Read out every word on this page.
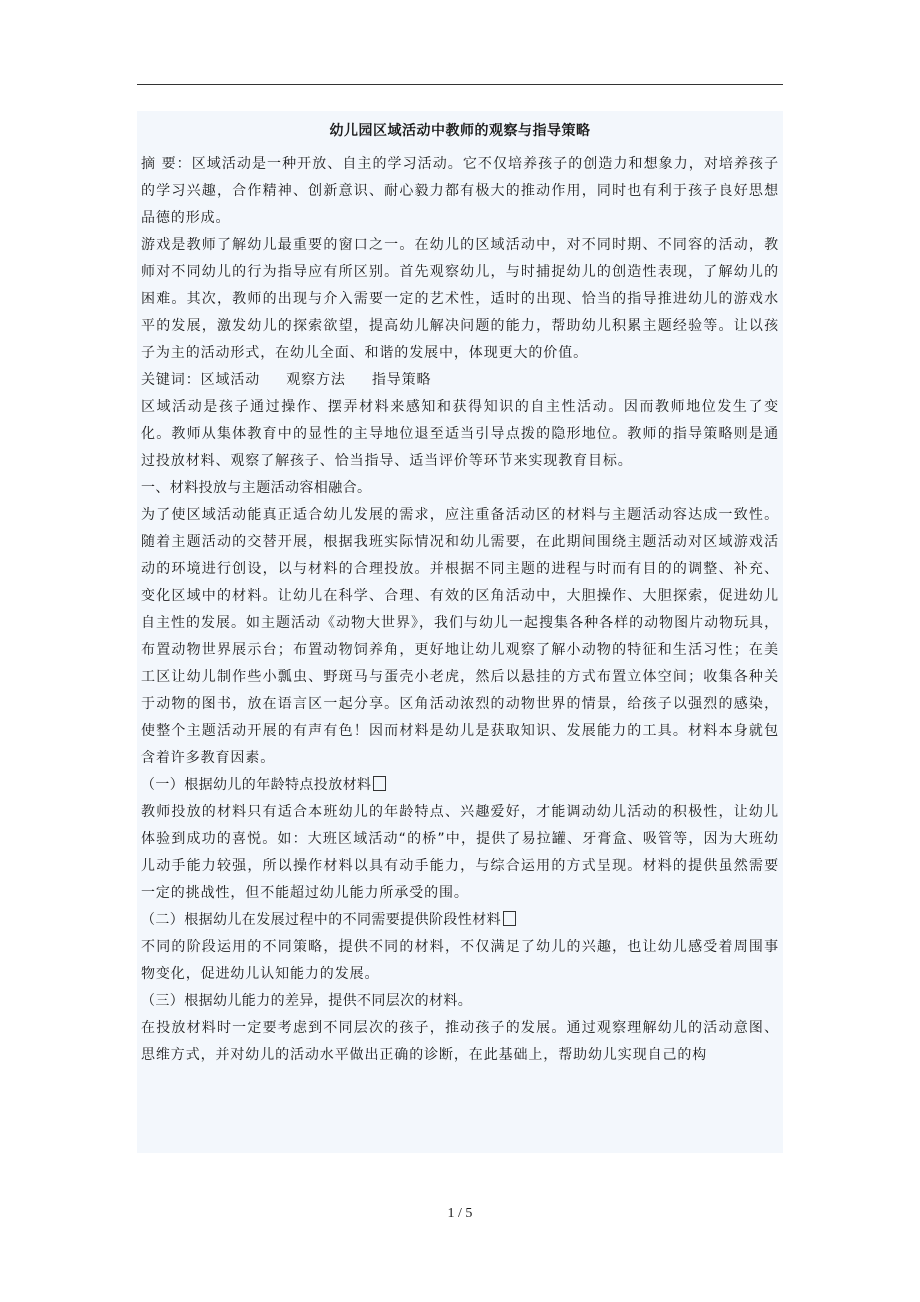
幼儿园区域活动中教师的观察与指导策略

摘 要：区域活动是一种开放、自主的学习活动。它不仅培养孩子的创造力和想象力，对培养孩子的学习兴趣，合作精神、创新意识、耐心毅力都有极大的推动作用，同时也有利于孩子良好思想品德的形成。

游戏是教师了解幼儿最重要的窗口之一。在幼儿的区域活动中，对不同时期、不同容的活动，教师对不同幼儿的行为指导应有所区别。首先观察幼儿，与时捕捉幼儿的创造性表现，了解幼儿的困难。其次，教师的出现与介入需要一定的艺术性，适时的出现、恰当的指导推进幼儿的游戏水平的发展，激发幼儿的探索欲望，提高幼儿解决问题的能力，帮助幼儿积累主题经验等。让以孩子为主的活动形式，在幼儿全面、和谐的发展中，体现更大的价值。

关键词：区域活动 观察方法 指导策略

区域活动是孩子通过操作、摆弄材料来感知和获得知识的自主性活动。因而教师地位发生了变化。教师从集体教育中的显性的主导地位退至适当引导点拨的隐形地位。教师的指导策略则是通过投放材料、观察了解孩子、恰当指导、适当评价等环节来实现教育目标。

一、材料投放与主题活动容相融合。

为了使区域活动能真正适合幼儿发展的需求，应注重备活动区的材料与主题活动容达成一致性。随着主题活动的交替开展，根据我班实际情况和幼儿需要，在此期间围绕主题活动对区域游戏活动的环境进行创设，以与材料的合理投放。并根据不同主题的进程与时而有目的的调整、补充、变化区域中的材料。让幼儿在科学、合理、有效的区角活动中，大胆操作、大胆探索，促进幼儿自主性的发展。如主题活动《动物大世界》，我们与幼儿一起搜集各种各样的动物图片动物玩具，布置动物世界展示台；布置动物饲养角，更好地让幼儿观察了解小动物的特征和生活习性；在美工区让幼儿制作些小瓢虫、野斑马与蛋壳小老虎，然后以悬挂的方式布置立体空间；收集各种关于动物的图书，放在语言区一起分享。区角活动浓烈的动物世界的情景，给孩子以强烈的感染，使整个主题活动开展的有声有色！因而材料是幼儿是获取知识、发展能力的工具。材料本身就包含着许多教育因素。

（一）根据幼儿的年龄特点投放材料

教师投放的材料只有适合本班幼儿的年龄特点、兴趣爱好，才能调动幼儿活动的积极性，让幼儿体验到成功的喜悦。如：大班区域活动“的桥”中，提供了易拉罐、牙膏盒、吸管等，因为大班幼儿动手能力较强，所以操作材料以具有动手能力，与综合运用的方式呈现。材料的提供虽然需要一定的挑战性，但不能超过幼儿能力所承受的围。

（二）根据幼儿在发展过程中的不同需要提供阶段性材料

不同的阶段运用的不同策略，提供不同的材料，不仅满足了幼儿的兴趣，也让幼儿感受着周围事物变化，促进幼儿认知能力的发展。

（三）根据幼儿能力的差异，提供不同层次的材料。

在投放材料时一定要考虑到不同层次的孩子，推动孩子的发展。通过观察理解幼儿的活动意图、思维方式，并对幼儿的活动水平做出正确的诊断，在此基础上，帮助幼儿实现自己的构

1 / 5
